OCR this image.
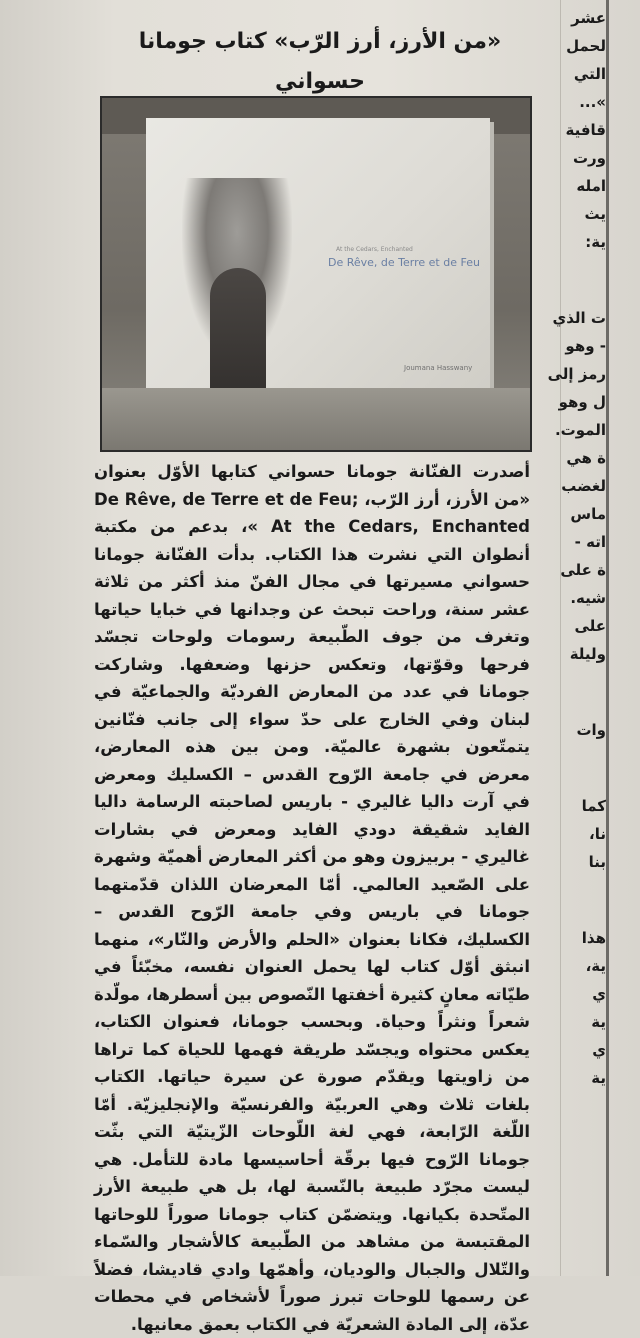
«من الأرز، أرز الرّب» كتاب جومانا حسواني
At the Cedars, Enchanted
De Rêve, de Terre et de Feu
Joumana Hasswany
أصدرت الفنّانة جومانا حسواني كتابها الأوّل بعنوان «من الأرز، أرز الرّب، De Rêve, de Terre et de Feu; At the Cedars, Enchanted »، بدعم من مكتبة أنطوان التي نشرت هذا الكتاب. بدأت الفنّانة جومانا حسواني مسيرتها في مجال الفنّ منذ أكثر من ثلاثة عشر سنة، وراحت تبحث عن وجدانها في خبايا حياتها وتغرف من جوف الطّبيعة رسومات ولوحات تجسّد فرحها وقوّتها، وتعكس حزنها وضعفها. وشاركت جومانا في عدد من المعارض الفرديّة والجماعيّة في لبنان وفي الخارج على حدّ سواء إلى جانب فنّانين يتمتّعون بشهرة عالميّة. ومن بين هذه المعارض، معرض في جامعة الرّوح القدس – الكسليك ومعرض في آرت داليا غاليري - باريس لصاحبته الرسامة داليا الفايد شقيقة دودي الفايد ومعرض في بشارات غاليري - بربيزون وهو من أكثر المعارض أهميّة وشهرة على الصّعيد العالمي. أمّا المعرضان اللذان قدّمتهما جومانا في باريس وفي جامعة الرّوح القدس – الكسليك، فكانا بعنوان «الحلم والأرض والنّار»، منهما انبثق أوّل كتاب لها يحمل العنوان نفسه، مخبّئاً في طيّاته معانٍ كثيرة أخفتها النّصوص بين أسطرها، مولّدة شعراً ونثراً وحياة. وبحسب جومانا، فعنوان الكتاب، يعكس محتواه ويجسّد طريقة فهمها للحياة كما تراها من زاويتها ويقدّم صورة عن سيرة حياتها. الكتاب بلغات ثلاث وهي العربيّة والفرنسيّة والإنجليزيّة. أمّا اللّغة الرّابعة، فهي لغة اللّوحات الزّيتيّة التي بثّت جومانا الرّوح فيها برقّة أحاسيسها مادة للتأمل. هي ليست مجرّد طبيعة بالنّسبة لها، بل هي طبيعة الأرز المتّحدة بكيانها. ويتضمّن كتاب جومانا صوراً للوحاتها المقتبسة من مشاهد من الطّبيعة كالأشجار والسّماء والتّلال والجبال والوديان، وأهمّها وادي قاديشا، فضلاً عن رسمها للوحات تبرز صوراً لأشخاص في محطات عدّة، إلى المادة الشعريّة في الكتاب بعمق معانيها.
عشر
لحمل
التي
»...
قافية
ورت
امله
يث
ية:
ت الذي
- وهو
رمز إلى
ل وهو
الموت.
ة هي
لغضب
ماس
اته -
ة على
شيه.
على
وليلة
وات
كما
نا،
بنا
هذا
ية،
ي
ية
ي
ية
